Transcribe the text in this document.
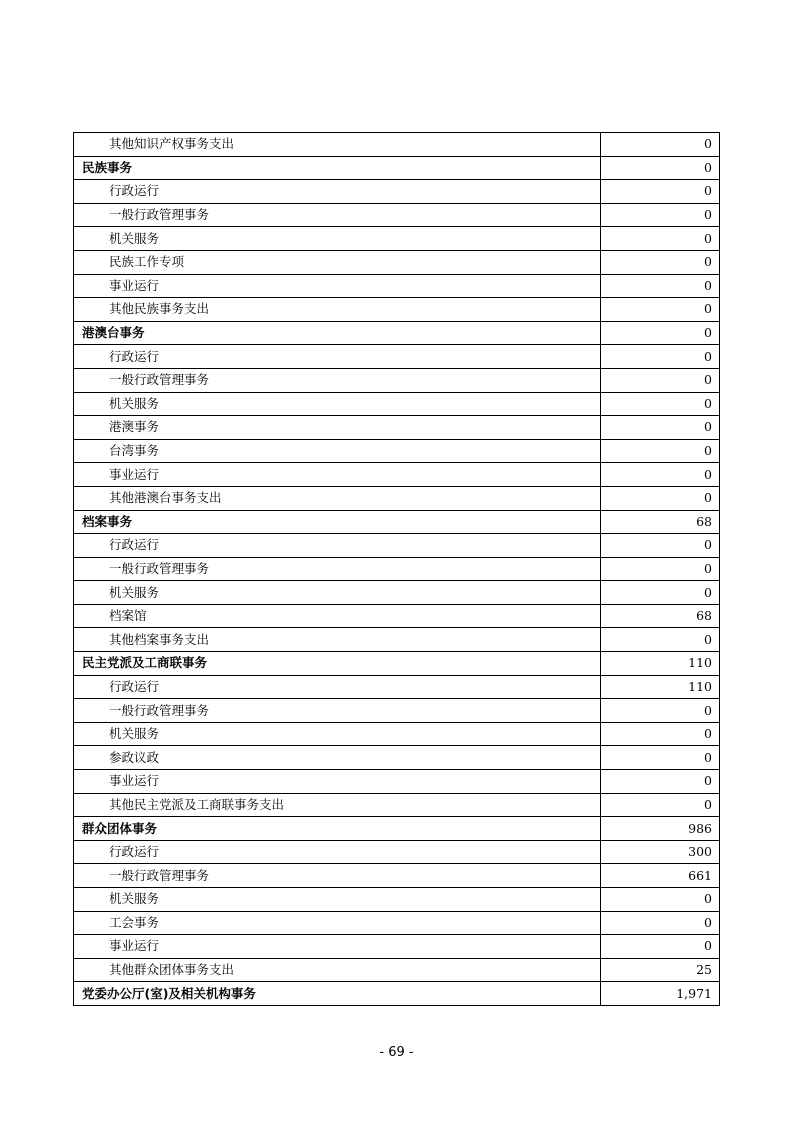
其他知识产权事务支出	0
民族事务	0
行政运行	0
一般行政管理事务	0
机关服务	0
民族工作专项	0
事业运行	0
其他民族事务支出	0
港澳台事务	0
行政运行	0
一般行政管理事务	0
机关服务	0
港澳事务	0
台湾事务	0
事业运行	0
其他港澳台事务支出	0
档案事务	68
行政运行	0
一般行政管理事务	0
机关服务	0
档案馆	68
其他档案事务支出	0
民主党派及工商联事务	110
行政运行	110
一般行政管理事务	0
机关服务	0
参政议政	0
事业运行	0
其他民主党派及工商联事务支出	0
群众团体事务	986
行政运行	300
一般行政管理事务	661
机关服务	0
工会事务	0
事业运行	0
其他群众团体事务支出	25
党委办公厅(室)及相关机构事务	1,971
- 69 -
